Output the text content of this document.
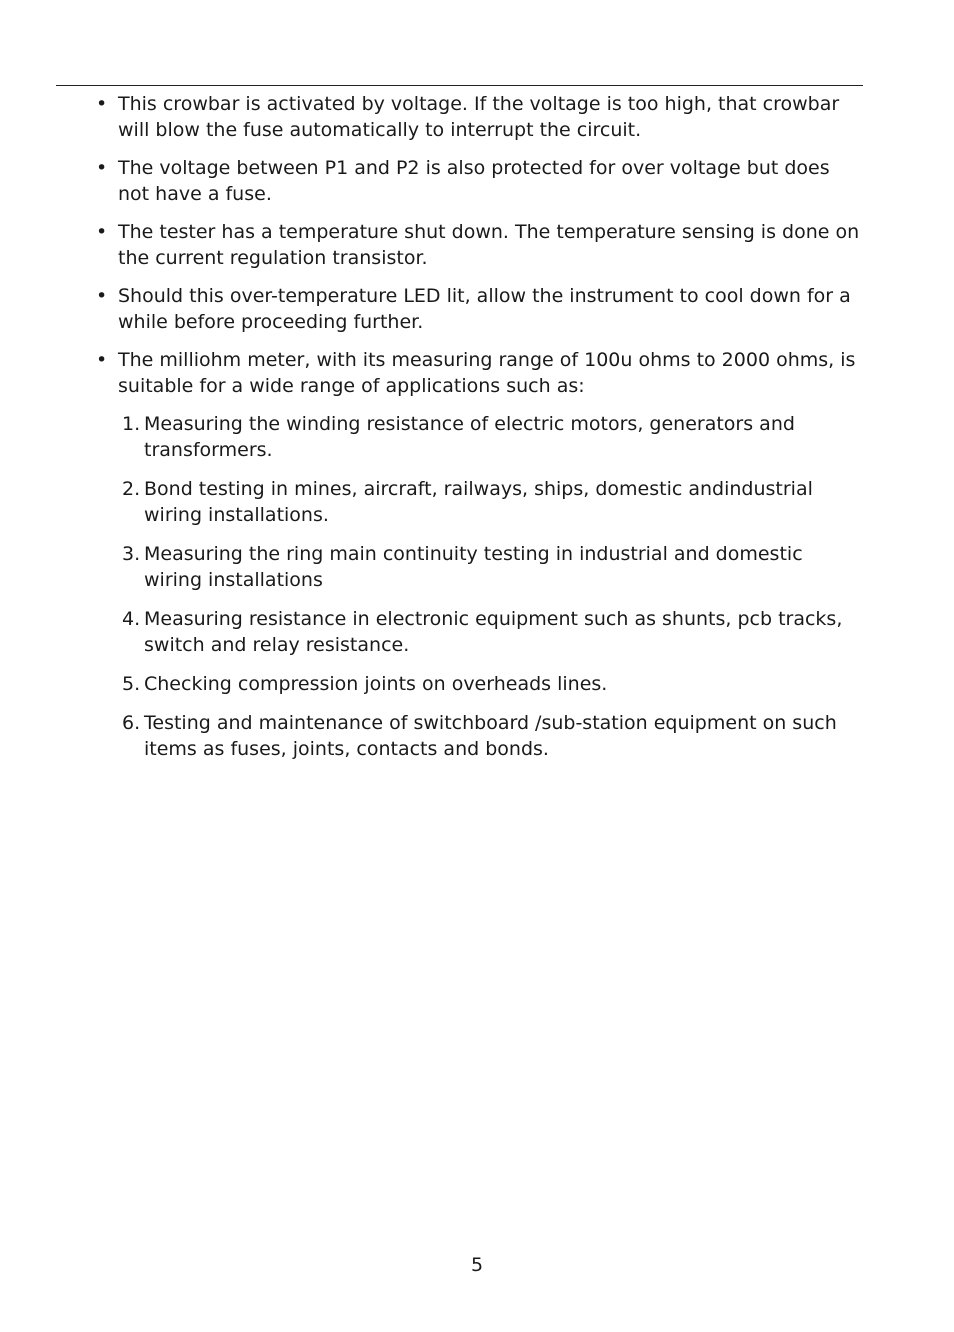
• This crowbar is activated by voltage. If the voltage is too high, that crowbar will blow the fuse automatically to interrupt the circuit.
• The voltage between P1 and P2 is also protected for over voltage but does not have a fuse.
• The tester has a temperature shut down. The temperature sensing is done on the current regulation transistor.
• Should this over-temperature LED lit, allow the instrument to cool down for a while before proceeding further.
• The milliohm meter, with its measuring range of 100u ohms to 2000 ohms, is suitable for a wide range of applications such as:
1. Measuring the winding resistance of electric motors, generators and transformers.
2. Bond testing in mines, aircraft, railways, ships, domestic andindustrial wiring installations.
3. Measuring the ring main continuity testing in industrial and domestic wiring installations
4. Measuring resistance in electronic equipment such as shunts, pcb tracks, switch and relay resistance.
5. Checking compression joints on overheads lines.
6. Testing and maintenance of switchboard /sub-station equipment on such items as fuses, joints, contacts and bonds.
5
